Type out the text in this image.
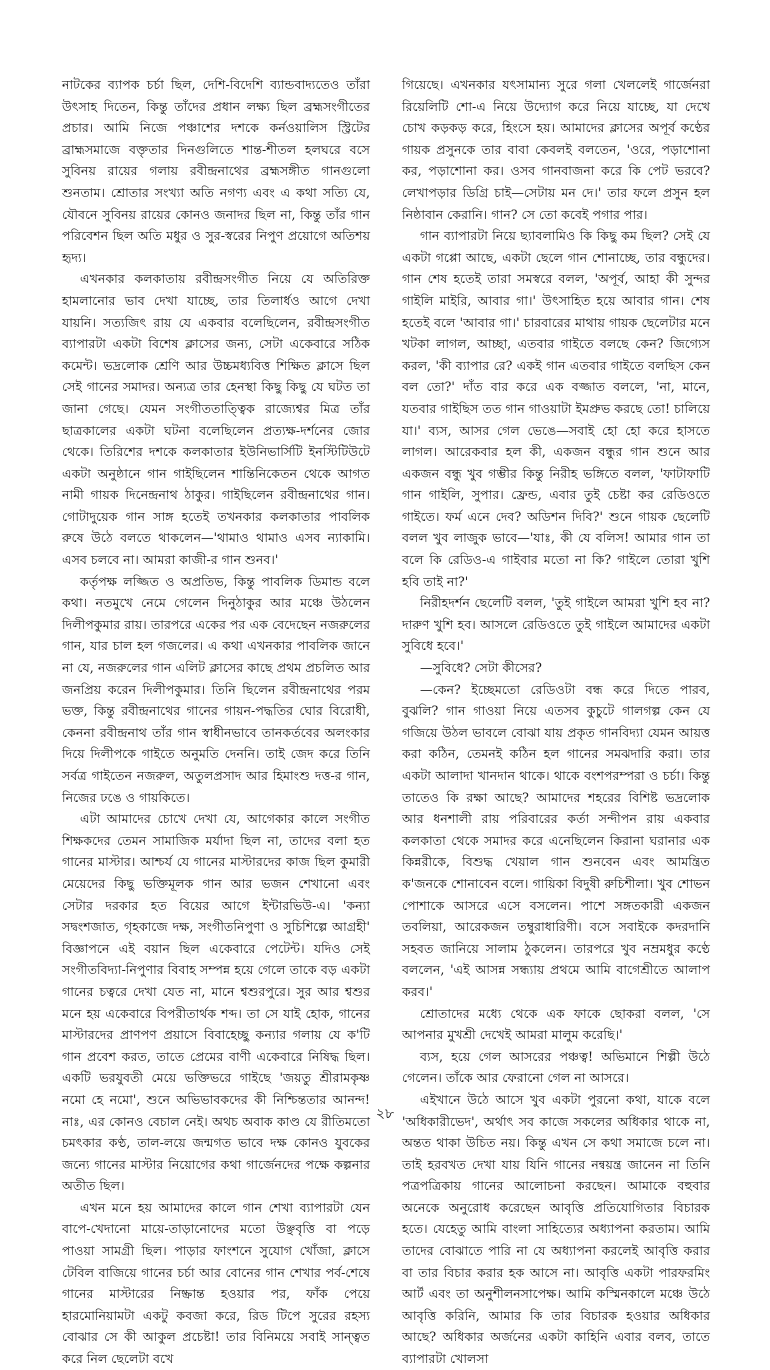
নাটকের ব্যাপক চর্চা ছিল, দেশি-বিদেশি ব্যান্ডবাদ্যতেও তাঁরা উৎসাহ দিতেন, কিন্তু তাঁদের প্রধান লক্ষ্য ছিল ব্রহ্মসংগীতের প্রচার। আমি নিজে পঞ্চাশের দশকে কর্নওয়ালিস স্ট্রিটের ব্রাহ্মসমাজে বক্তৃতার দিনগুলিতে শান্ত-শীতল হলঘরে বসে সুবিনয় রায়ের গলায় রবীন্দ্রনাথের ব্রহ্মসঙ্গীত গানগুলো শুনতাম। শ্রোতার সংখ্যা অতি নগণ্য এবং এ কথা সত্যি যে, যৌবনে সুবিনয় রায়ের কোনও জনাদর ছিল না, কিন্তু তাঁর গান পরিবেশন ছিল অতি মধুর ও সুর-স্বরের নিপুণ প্রয়োগে অতিশয় হৃদ্য।

এখনকার কলকাতায় রবীন্দ্রসংগীত নিয়ে যে অতিরিক্ত হামলানোর ভাব দেখা যাচ্ছে, তার তিলার্ধও আগে দেখা যায়নি। সত্যজিৎ রায় যে একবার বলেছিলেন, রবীন্দ্রসংগীত ব্যাপারটা একটা বিশেষ ক্লাসের জন্য, সেটা একেবারে সঠিক কমেন্ট। ভদ্রলোক শ্রেণি আর উচ্চমধ্যবিত্ত শিক্ষিত ক্লাসে ছিল সেই গানের সমাদর। অন্যত্র তার হেনস্থা কিছু কিছু যে ঘটত তা জানা গেছে। যেমন সংগীততাত্ত্বিক রাজ্যেশ্বর মিত্র তাঁর ছাত্রকালের একটা ঘটনা বলেছিলেন প্রত্যক্ষ-দর্শনের জোর থেকে। তিরিশের দশকে কলকাতার ইউনিভার্সিটি ইনস্টিটিউটে একটা অনুষ্ঠানে গান গাইছিলেন শান্তিনিকেতন থেকে আগত নামী গায়ক দিনেন্দ্রনাথ ঠাকুর। গাইছিলেন রবীন্দ্রনাথের গান। গোটাদুয়েক গান সাঙ্গ হতেই তখনকার কলকাতার পাবলিক রুষে উঠে বলতে থাকলেন—'থামাও থামাও এসব ন্যাকামি। এসব চলবে না। আমরা কাজী-র গান শুনব।'

কর্তৃপক্ষ লজ্জিত ও অপ্রতিভ, কিন্তু পাবলিক ডিমান্ড বলে কথা। নতমুখে নেমে গেলেন দিনুঠাকুর আর মঞ্চে উঠলেন দিলীপকুমার রায়। তারপরে একের পর এক বেদেছেন নজরুলের গান, যার চাল হল গজলের। এ কথা এখনকার পাবলিক জানে না যে, নজরুলের গান এলিট ক্লাসের কাছে প্রথম প্রচলিত আর জনপ্রিয় করেন দিলীপকুমার। তিনি ছিলেন রবীন্দ্রনাথের পরম ভক্ত, কিন্তু রবীন্দ্রনাথের গানের গায়ন-পদ্ধতির ঘোর বিরোধী, কেননা রবীন্দ্রনাথ তাঁর গান স্বাধীনভাবে তানকর্তবের অলংকার দিয়ে দিলীপকে গাইতে অনুমতি দেননি। তাই জেদ করে তিনি সর্বত্র গাইতেন নজরুল, অতুলপ্রসাদ আর হিমাংশু দত্ত-র গান, নিজের ঢঙে ও গায়কিতে।

এটা আমাদের চোখে দেখা যে, আগেকার কালে সংগীত শিক্ষকদের তেমন সামাজিক মর্যাদা ছিল না, তাদের বলা হত গানের মাস্টার। আশ্চর্য যে গানের মাস্টারদের কাজ ছিল কুমারী মেয়েদের কিছু ভক্তিমূলক গান আর ভজন শেখানো এবং সেটার দরকার হত বিয়ের আগে ইন্টারভিউ-এ। 'কন্যা সদ্বংশজাত, গৃহকাজে দক্ষ, সংগীতনিপুণা ও সুচিশিল্পে আগ্রহী' বিজ্ঞাপনে এই বয়ান ছিল একেবারে পেটেন্ট। যদিও সেই সংগীতবিদ্যা-নিপুণার বিবাহ সম্পন্ন হয়ে গেলে তাকে বড় একটা গানের চত্বরে দেখা যেত না, মানে শ্বশুরপুরে। সুর আর শ্বশুর মনে হয় একেবারে বিপরীতার্থক শব্দ। তা সে যাই হোক, গানের মাস্টারদের প্রাণপণ প্রয়াসে বিবাহেচ্ছু কন্যার গলায় যে ক'টি গান প্রবেশ করত, তাতে প্রেমের বাণী একেবারে নিষিদ্ধ ছিল। একটি ভরযুবতী মেয়ে ভক্তিভরে গাইছে 'জয়তু শ্রীরামকৃষ্ণ নমো হে নমো', শুনে অভিভাবকদের কী নিশ্চিন্ততার আনন্দ! নাঃ, এর কোনও বেচাল নেই। অথচ অবাক কাণ্ড যে রীতিমতো চমৎকার কণ্ঠ, তাল-লয়ে জন্মগত ভাবে দক্ষ কোনও যুবকের জন্যে গানের মাস্টার নিয়োগের কথা গার্জেনদের পক্ষে কল্পনার অতীত ছিল।

এখন মনে হয় আমাদের কালে গান শেখা ব্যাপারটা যেন বাপে-খেদানো মায়ে-তাড়ানোদের মতো উঞ্ছবৃত্তি বা পড়ে পাওয়া সামগ্রী ছিল। পাড়ার ফাংশনে সুযোগ খোঁজা, ক্লাসে টেবিল বাজিয়ে গানের চর্চা আর বোনের গান শেখার পর্ব-শেষে গানের মাস্টারের নিষ্ক্রান্ত হওয়ার পর, ফাঁক পেয়ে হারমোনিয়ামটা একটু কবজা করে, রিড টিপে সুরের রহস্য বোঝার সে কী আকুল প্রচেষ্টা! তার বিনিময়ে সবাই সান্ত্বত করে নিল ছেলেটা বখে

গিয়েছে। এখনকার যৎসামান্য সুরে গলা খেললেই গার্জেনরা রিয়েলিটি শো-এ নিয়ে উদ্যোগ করে নিয়ে যাচ্ছে, যা দেখে চোখ কড়কড় করে, হিংসে হয়। আমাদের ক্লাসের অপূর্ব কণ্ঠের গায়ক প্রসুনকে তার বাবা কেবলই বলতেন, 'ওরে, পড়াশোনা কর, পড়াশোনা কর। ওসব গানবাজনা করে কি পেট ভরবে? লেখাপড়ার ডিগ্রি চাই—সেটায় মন দে।' তার ফলে প্রসুন হল নিষ্ঠাবান কেরানি। গান? সে তো কবেই পগার পার।

গান ব্যাপারটা নিয়ে ছ্যাবলামিও কি কিছু কম ছিল? সেই যে একটা গপ্পো আছে, একটা ছেলে গান শোনাচ্ছে, তার বন্ধুদের। গান শেষ হতেই তারা সমস্বরে বলল, 'অপূর্ব, আহা কী সুন্দর গাইলি মাইরি, আবার গা।' উৎসাহিত হয়ে আবার গান। শেষ হতেই বলে 'আবার গা।' চারবারের মাথায় গায়ক ছেলেটার মনে খটকা লাগল, আচ্ছা, এতবার গাইতে বলছে কেন? জিগ্যেস করল, 'কী ব্যাপার রে? একই গান এতবার গাইতে বলছিস কেন বল তো?' দাঁত বার করে এক বজ্জাত বললে, 'না, মানে, যতবার গাইছিস তত গান গাওয়াটা ইমপ্রুভ করছে তো! চালিয়ে যা।' ব্যস, আসর গেল ভেঙে—সবাই হো হো করে হাসতে লাগল। আরেকবার হল কী, একজন বন্ধুর গান শুনে আর একজন বন্ধু খুব গম্ভীর কিন্তু নিরীহ ভঙ্গিতে বলল, 'ফাটাফাটি গান গাইলি, সুপার। ফ্রেন্ড, এবার তুই চেষ্টা কর রেডিওতে গাইতে। ফর্ম এনে দেব? অডিশন দিবি?' শুনে গায়ক ছেলেটি বলল খুব লাজুক ভাবে—'যাঃ, কী যে বলিস! আমার গান তা বলে কি রেডিও-এ গাইবার মতো না কি? গাইলে তোরা খুশি হবি তাই না?'

নিরীহদর্শন ছেলেটি বলল, 'তুই গাইলে আমরা খুশি হব না? দারুণ খুশি হব। আসলে রেডিওতে তুই গাইলে আমাদের একটা সুবিধে হবে।'

—সুবিধে? সেটা কীসের?

—কেন? ইচ্ছেমতো রেডিওটা বন্ধ করে দিতে পারব, বুঝলি? গান গাওয়া নিয়ে এতসব কুচুটে গালগল্প কেন যে গজিয়ে উঠল ভাবলে বোঝা যায় প্রকৃত গানবিদ্যা যেমন আয়ত্ত করা কঠিন, তেমনই কঠিন হল গানের সমঝদারি করা। তার একটা আলাদা খানদান থাকে। থাকে বংশপরম্পরা ও চর্চা। কিন্তু তাতেও কি রক্ষা আছে? আমাদের শহরের বিশিষ্ট ভদ্রলোক আর ধনশালী রায় পরিবারের কর্তা সন্দীপন রায় একবার কলকাতা থেকে সমাদর করে এনেছিলেন কিরানা ঘরানার এক কিন্নরীকে, বিশুদ্ধ খেয়াল গান শুনবেন এবং আমন্ত্রিত ক'জনকে শোনাবেন বলে। গায়িকা বিদুষী রুচিশীলা। খুব শোভন পোশাকে আসরে এসে বসলেন। পাশে সঙ্গতকারী একজন তবলিয়া, আরেকজন তম্বুরাধারিণী। বসে সবাইকে কদরদানি সহবত জানিয়ে সালাম ঠুকলেন। তারপরে খুব নম্রমধুর কণ্ঠে বললেন, 'এই আসন্ন সন্ধ্যায় প্রথমে আমি বাগেশ্রীতে আলাপ করব।'

শ্রোতাদের মধ্যে থেকে এক ফাকে ছোকরা বলল, 'সে আপনার মুখশ্রী দেখেই আমরা মালুম করেছি।'

ব্যস, হয়ে গেল আসরের পঞ্চত্ব! অভিমানে শিল্পী উঠে গেলেন। তাঁকে আর ফেরানো গেল না আসরে।

এইখানে উঠে আসে খুব একটা পুরনো কথা, যাকে বলে 'অধিকারীভেদ', অর্থাৎ সব কাজে সকলের অধিকার থাকে না, অন্তত থাকা উচিত নয়। কিন্তু এখন সে কথা সমাজে চলে না। তাই হরবখত দেখা যায় যিনি গানের নন্বয়ন্ত্র জানেন না তিনি পত্রপত্রিকায় গানের আলোচনা করছেন। আমাকে বহুবার অনেকে অনুরোধ করেছেন আবৃত্তি প্রতিযোগিতার বিচারক হতে। যেহেতু আমি বাংলা সাহিত্যের অধ্যাপনা করতাম। আমি তাদের বোঝাতে পারি না যে অধ্যাপনা করলেই আবৃত্তি করার বা তার বিচার করার হক আসে না। আবৃত্তি একটা পারফরমিং আর্ট এবং তা অনুশীলনসাপেক্ষ। আমি কস্মিনকালে মঞ্চে উঠে আবৃত্তি করিনি, আমার কি তার বিচারক হওয়ার অধিকার আছে? অধিকার অর্জনের একটা কাহিনি এবার বলব, তাতে ব্যাপারটা খোলসা

২৮
